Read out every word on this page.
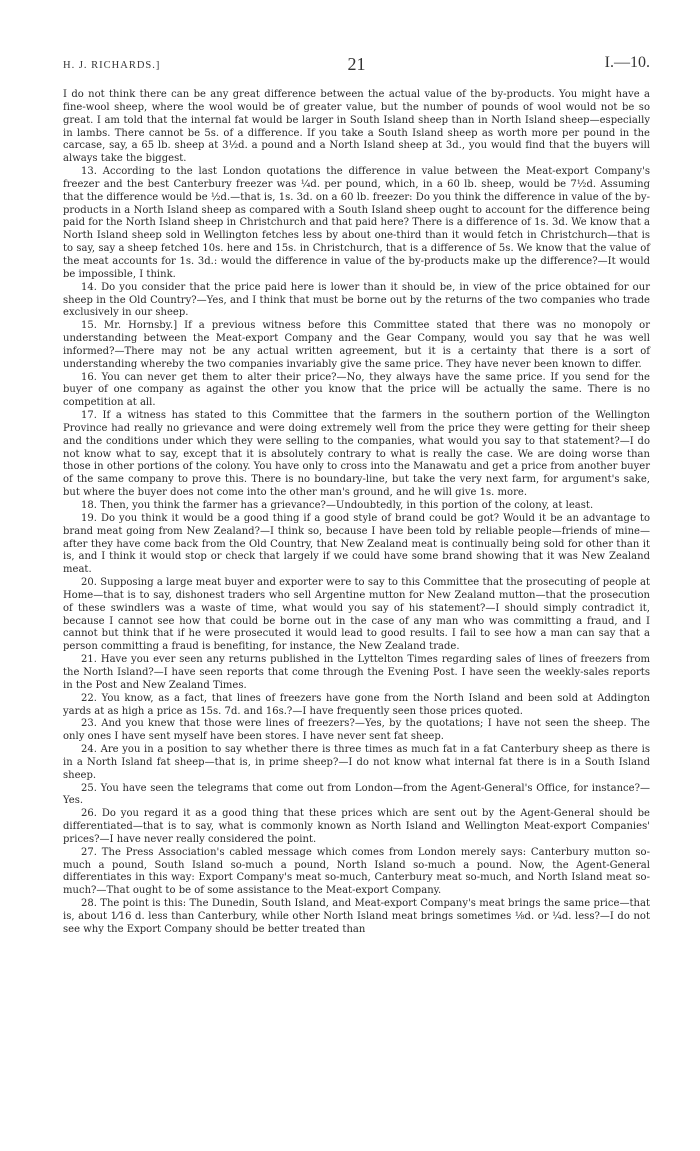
H. J. RICHARDS.]	21	I.—10.

I do not think there can be any great difference between the actual value of the by-products. You might have a fine-wool sheep, where the wool would be of greater value, but the number of pounds of wool would not be so great. I am told that the internal fat would be larger in South Island sheep than in North Island sheep—especially in lambs. There cannot be 5s. of a difference. If you take a South Island sheep as worth more per pound in the carcase, say, a 65 lb. sheep at 3½d. a pound and a North Island sheep at 3d., you would find that the buyers will always take the biggest.

13. According to the last London quotations the difference in value between the Meat-export Company's freezer and the best Canterbury freezer was ¼d. per pound, which, in a 60 lb. sheep, would be 7½d. Assuming that the difference would be ½d.—that is, 1s. 3d. on a 60 lb. freezer: Do you think the difference in value of the by-products in a North Island sheep as compared with a South Island sheep ought to account for the difference being paid for the North Island sheep in Christchurch and that paid here? There is a difference of 1s. 3d. We know that a North Island sheep sold in Wellington fetches less by about one-third than it would fetch in Christchurch—that is to say, say a sheep fetched 10s. here and 15s. in Christchurch, that is a difference of 5s. We know that the value of the meat accounts for 1s. 3d.: would the difference in value of the by-products make up the difference?—It would be impossible, I think.

14. Do you consider that the price paid here is lower than it should be, in view of the price obtained for our sheep in the Old Country?—Yes, and I think that must be borne out by the returns of the two companies who trade exclusively in our sheep.

15. Mr. Hornsby.] If a previous witness before this Committee stated that there was no monopoly or understanding between the Meat-export Company and the Gear Company, would you say that he was well informed?—There may not be any actual written agreement, but it is a certainty that there is a sort of understanding whereby the two companies invariably give the same price. They have never been known to differ.

16. You can never get them to alter their price?—No, they always have the same price. If you send for the buyer of one company as against the other you know that the price will be actually the same. There is no competition at all.

17. If a witness has stated to this Committee that the farmers in the southern portion of the Wellington Province had really no grievance and were doing extremely well from the price they were getting for their sheep and the conditions under which they were selling to the companies, what would you say to that statement?—I do not know what to say, except that it is absolutely contrary to what is really the case. We are doing worse than those in other portions of the colony. You have only to cross into the Manawatu and get a price from another buyer of the same company to prove this. There is no boundary-line, but take the very next farm, for argument's sake, but where the buyer does not come into the other man's ground, and he will give 1s. more.

18. Then, you think the farmer has a grievance?—Undoubtedly, in this portion of the colony, at least.

19. Do you think it would be a good thing if a good style of brand could be got? Would it be an advantage to brand meat going from New Zealand?—I think so, because I have been told by reliable people—friends of mine—after they have come back from the Old Country, that New Zealand meat is continually being sold for other than it is, and I think it would stop or check that largely if we could have some brand showing that it was New Zealand meat.

20. Supposing a large meat buyer and exporter were to say to this Committee that the prosecuting of people at Home—that is to say, dishonest traders who sell Argentine mutton for New Zealand mutton—that the prosecution of these swindlers was a waste of time, what would you say of his statement?—I should simply contradict it, because I cannot see how that could be borne out in the case of any man who was committing a fraud, and I cannot but think that if he were prosecuted it would lead to good results. I fail to see how a man can say that a person committing a fraud is benefiting, for instance, the New Zealand trade.

21. Have you ever seen any returns published in the Lyttelton Times regarding sales of lines of freezers from the North Island?—I have seen reports that come through the Evening Post. I have seen the weekly-sales reports in the Post and New Zealand Times.

22. You know, as a fact, that lines of freezers have gone from the North Island and been sold at Addington yards at as high a price as 15s. 7d. and 16s.?—I have frequently seen those prices quoted.

23. And you knew that those were lines of freezers?—Yes, by the quotations; I have not seen the sheep. The only ones I have sent myself have been stores. I have never sent fat sheep.

24. Are you in a position to say whether there is three times as much fat in a fat Canterbury sheep as there is in a North Island fat sheep—that is, in prime sheep?—I do not know what internal fat there is in a South Island sheep.

25. You have seen the telegrams that come out from London—from the Agent-General's Office, for instance?—Yes.

26. Do you regard it as a good thing that these prices which are sent out by the Agent-General should be differentiated—that is to say, what is commonly known as North Island and Wellington Meat-export Companies' prices?—I have never really considered the point.

27. The Press Association's cabled message which comes from London merely says: Canterbury mutton so-much a pound, South Island so-much a pound, North Island so-much a pound. Now, the Agent-General differentiates in this way: Export Company's meat so-much, Canterbury meat so-much, and North Island meat so-much?—That ought to be of some assistance to the Meat-export Company.

28. The point is this: The Dunedin, South Island, and Meat-export Company's meat brings the same price—that is, about 1⁄16 d. less than Canterbury, while other North Island meat brings sometimes ⅛d. or ¼d. less?—I do not see why the Export Company should be better treated than
